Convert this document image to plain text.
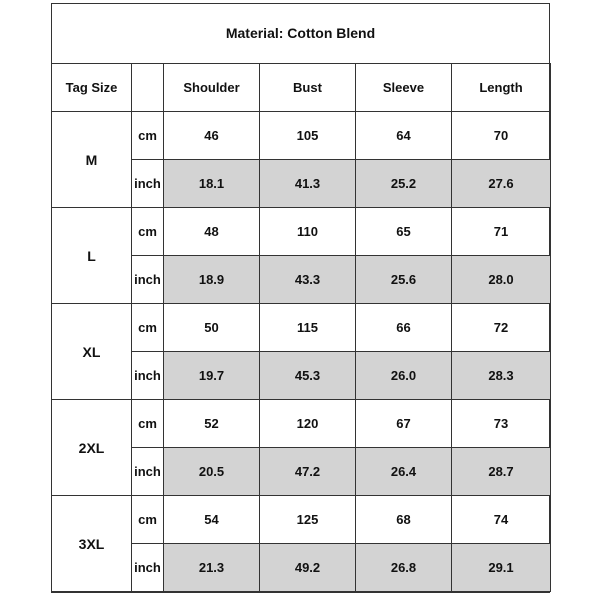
Material: Cotton Blend
Tag Size		Shoulder	Bust	Sleeve	Length
M	cm	46	105	64	70
	inch	18.1	41.3	25.2	27.6
L	cm	48	110	65	71
	inch	18.9	43.3	25.6	28.0
XL	cm	50	115	66	72
	inch	19.7	45.3	26.0	28.3
2XL	cm	52	120	67	73
	inch	20.5	47.2	26.4	28.7
3XL	cm	54	125	68	74
	inch	21.3	49.2	26.8	29.1
